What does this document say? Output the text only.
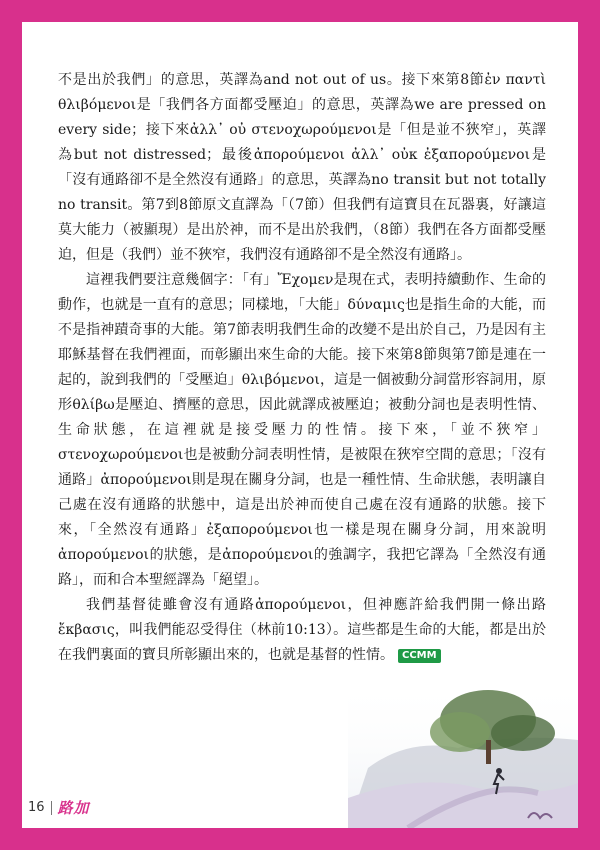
不是出於我們」的意思，英譯為and not out of us。接下來第8節ἐν παντὶ θλιβόμενοι是「我們各方面都受壓迫」的意思，英譯為we are pressed on every side；接下來ἀλλ᾽ οὐ στενοχωρούμενοι是「但是並不狹窄」，英譯為but not distressed；最後ἀπορούμενοι ἀλλ᾽ οὐκ ἐξαπορούμενοι是「沒有通路卻不是全然沒有通路」的意思，英譯為no transit but not totally no transit。第7到8節原文直譯為「（7節）但我們有這寶貝在瓦器裏，好讓這莫大能力（被顯現）是出於神，而不是出於我們，（8節）我們在各方面都受壓迫，但是（我們）並不狹窄，我們沒有通路卻不是全然沒有通路」。

這裡我們要注意幾個字：「有」Ἔχομεν是現在式，表明持續動作、生命的動作，也就是一直有的意思；同樣地，「大能」δύναμις也是指生命的大能，而不是指神蹟奇事的大能。第7節表明我們生命的改變不是出於自己，乃是因有主耶穌基督在我們裡面，而彰顯出來生命的大能。接下來第8節與第7節是連在一起的，說到我們的「受壓迫」θλιβόμενοι，這是一個被動分詞當形容詞用，原形θλίβω是壓迫、擠壓的意思，因此就譯成被壓迫；被動分詞也是表明性情、生命狀態，在這裡就是接受壓力的性情。接下來，「並不狹窄」στενοχωρούμενοι也是被動分詞表明性情，是被限在狹窄空間的意思；「沒有通路」ἀπορούμενοι則是現在關身分詞，也是一種性情、生命狀態，表明讓自己處在沒有通路的狀態中，這是出於神而使自己處在沒有通路的狀態。接下來，「全然沒有通路」ἐξαπορούμενοι也一樣是現在關身分詞，用來說明ἀπορούμενοι的狀態，是ἀπορούμενοι的強調字，我把它譯為「全然沒有通路」，而和合本聖經譯為「絕望」。

我們基督徒雖會沒有通路ἀπορούμενοι，但神應許給我們開一條出路ἔκβασις，叫我們能忍受得住（林前10:13）。這些都是生命的大能，都是出於在我們裏面的寶貝所彰顯出來的，也就是基督的性情。 CCMM

16 路加
